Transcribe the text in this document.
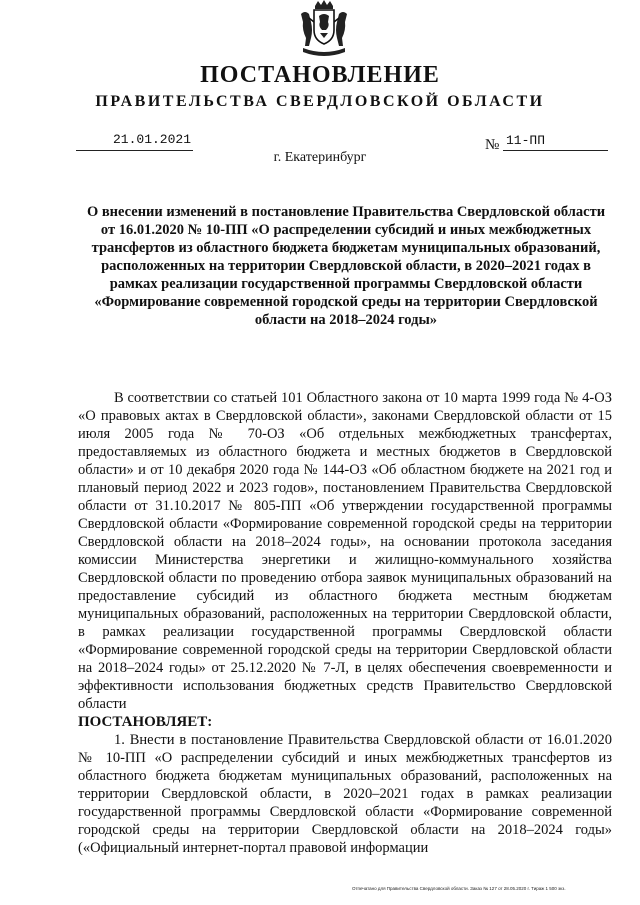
ПОСТАНОВЛЕНИЕ
ПРАВИТЕЛЬСТВА СВЕРДЛОВСКОЙ ОБЛАСТИ
21.01.2021	№ 11-ПП
г. Екатеринбург
О внесении изменений в постановление Правительства Свердловской области от 16.01.2020 № 10-ПП «О распределении субсидий и иных межбюджетных трансфертов из областного бюджета бюджетам муниципальных образований, расположенных на территории Свердловской области, в 2020–2021 годах в рамках реализации государственной программы Свердловской области «Формирование современной городской среды на территории Свердловской области на 2018–2024 годы»

В соответствии со статьей 101 Областного закона от 10 марта 1999 года № 4-ОЗ «О правовых актах в Свердловской области», законами Свердловской области от 15 июля 2005 года № 70-ОЗ «Об отдельных межбюджетных трансфертах, предоставляемых из областного бюджета и местных бюджетов в Свердловской области» и от 10 декабря 2020 года № 144-ОЗ «Об областном бюджете на 2021 год и плановый период 2022 и 2023 годов», постановлением Правительства Свердловской области от 31.10.2017 № 805-ПП «Об утверждении государственной программы Свердловской области «Формирование современной городской среды на территории Свердловской области на 2018–2024 годы», на основании протокола заседания комиссии Министерства энергетики и жилищно-коммунального хозяйства Свердловской области по проведению отбора заявок муниципальных образований на предоставление субсидий из областного бюджета местным бюджетам муниципальных образований, расположенных на территории Свердловской области, в рамках реализации государственной программы Свердловской области «Формирование современной городской среды на территории Свердловской области на 2018–2024 годы» от 25.12.2020 № 7-Л, в целях обеспечения своевременности и эффективности использования бюджетных средств Правительство Свердловской области

ПОСТАНОВЛЯЕТ:

1. Внести в постановление Правительства Свердловской области от 16.01.2020 № 10-ПП «О распределении субсидий и иных межбюджетных трансфертов из областного бюджета бюджетам муниципальных образований, расположенных на территории Свердловской области, в 2020–2021 годах в рамках реализации государственной программы Свердловской области «Формирование современной городской среды на территории Свердловской области на 2018–2024 годы» («Официальный интернет-портал правовой информации

Отпечатано для Правительства Свердловской области. Заказ № 127 от 28.05.2020 г. Тираж 1 500 экз.
